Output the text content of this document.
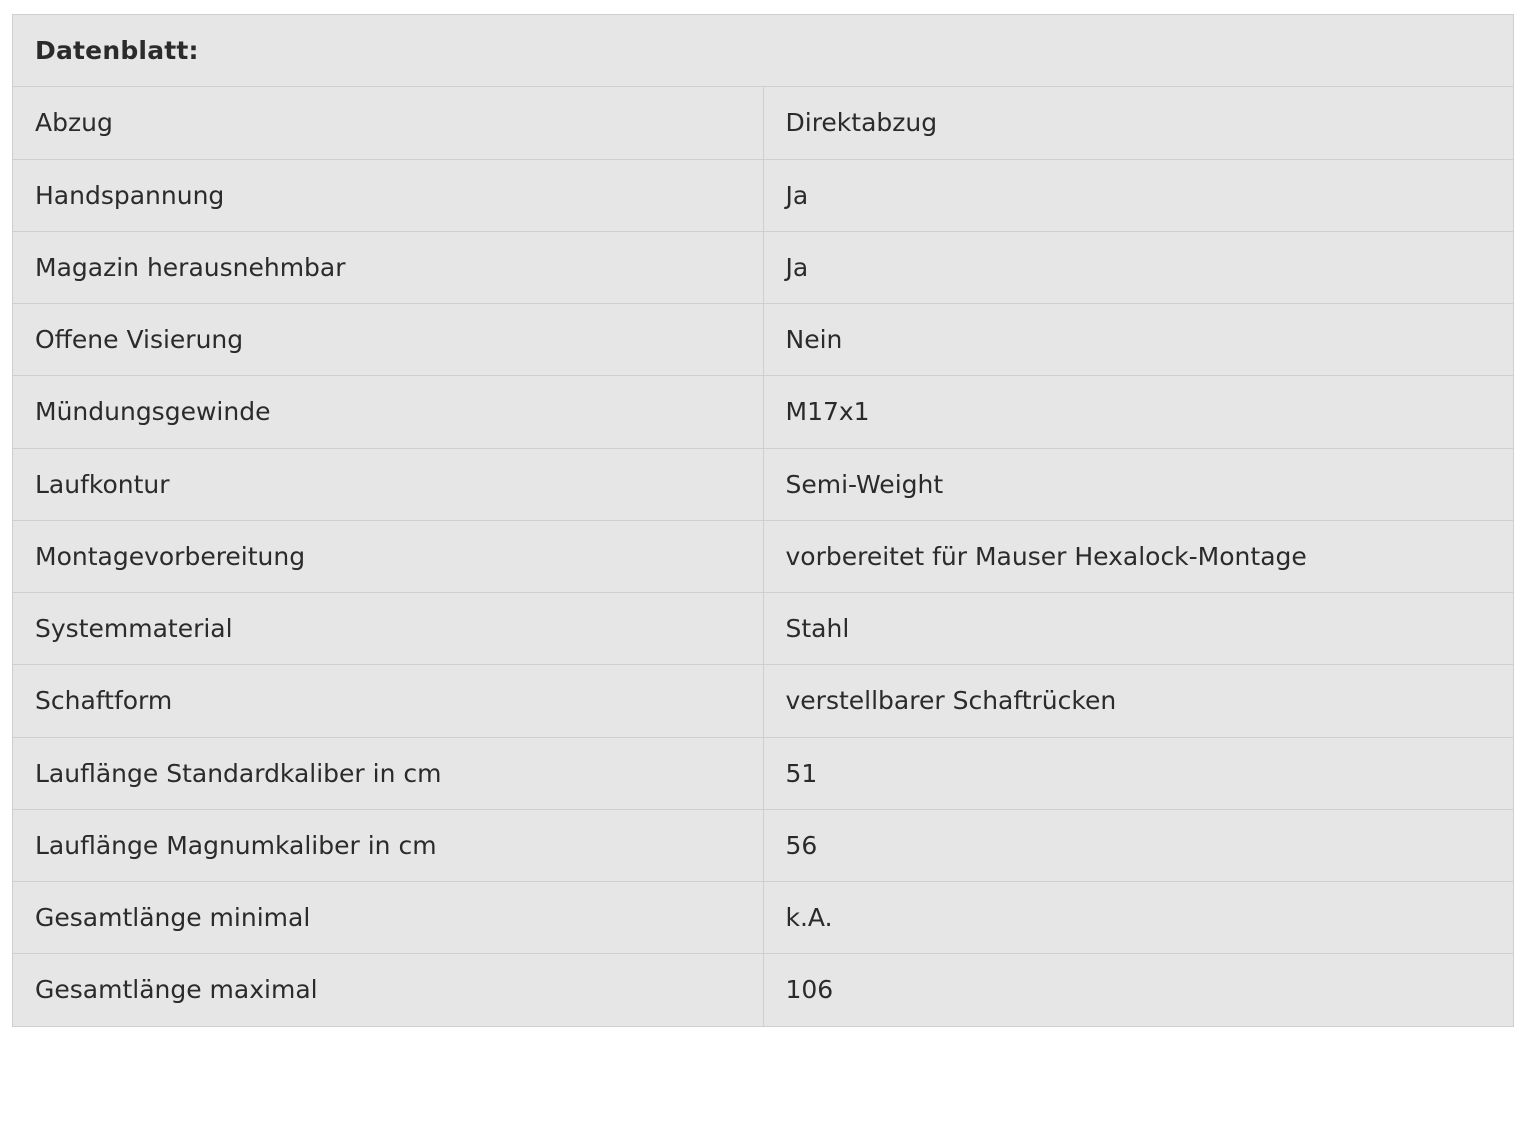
Datenblatt:	
Abzug	Direktabzug
Handspannung	Ja
Magazin herausnehmbar	Ja
Offene Visierung	Nein
Mündungsgewinde	M17x1
Laufkontur	Semi-Weight
Montagevorbereitung	vorbereitet für Mauser Hexalock-Montage
Systemmaterial	Stahl
Schaftform	verstellbarer Schaftrücken
Lauflänge Standardkaliber in cm	51
Lauflänge Magnumkaliber in cm	56
Gesamtlänge minimal	k.A.
Gesamtlänge maximal	106
